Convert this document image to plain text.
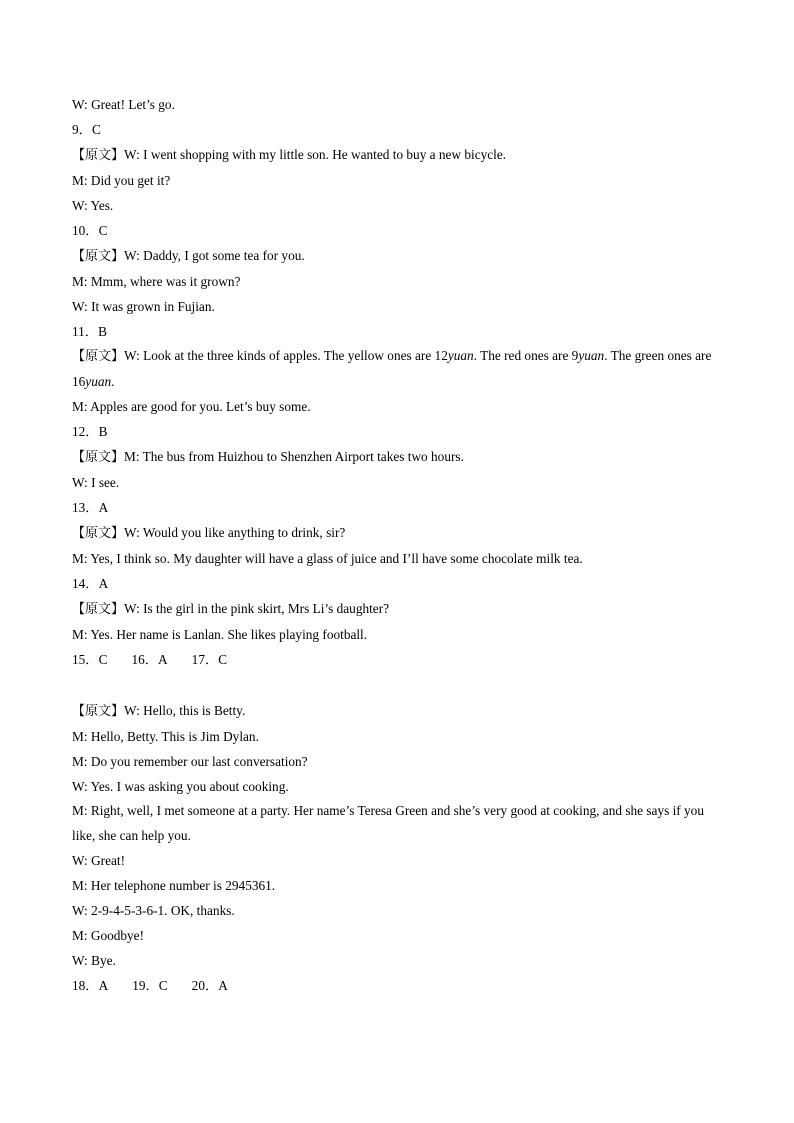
W: Great! Let’s go.
9．C
【原文】W: I went shopping with my little son. He wanted to buy a new bicycle.
M: Did you get it?
W: Yes.
10．C
【原文】W: Daddy, I got some tea for you.
M: Mmm, where was it grown?
W: It was grown in Fujian.
11．B
【原文】W: Look at the three kinds of apples. The yellow ones are 12yuan. The red ones are 9yuan. The green ones are 16yuan.
M: Apples are good for you. Let’s buy some.
12．B
【原文】M: The bus from Huizhou to Shenzhen Airport takes two hours.
W: I see.
13．A
【原文】W: Would you like anything to drink, sir?
M: Yes, I think so. My daughter will have a glass of juice and I’ll have some chocolate milk tea.
14．A
【原文】W: Is the girl in the pink skirt, Mrs Li’s daughter?
M: Yes. Her name is Lanlan. She likes playing football.
15．C 16．A 17．C
【原文】W: Hello, this is Betty.
M: Hello, Betty. This is Jim Dylan.
M: Do you remember our last conversation?
W: Yes. I was asking you about cooking.
M: Right, well, I met someone at a party. Her name’s Teresa Green and she’s very good at cooking, and she says if you like, she can help you.
W: Great!
M: Her telephone number is 2945361.
W: 2-9-4-5-3-6-1. OK, thanks.
M: Goodbye!
W: Bye.
18．A 19．C 20．A
